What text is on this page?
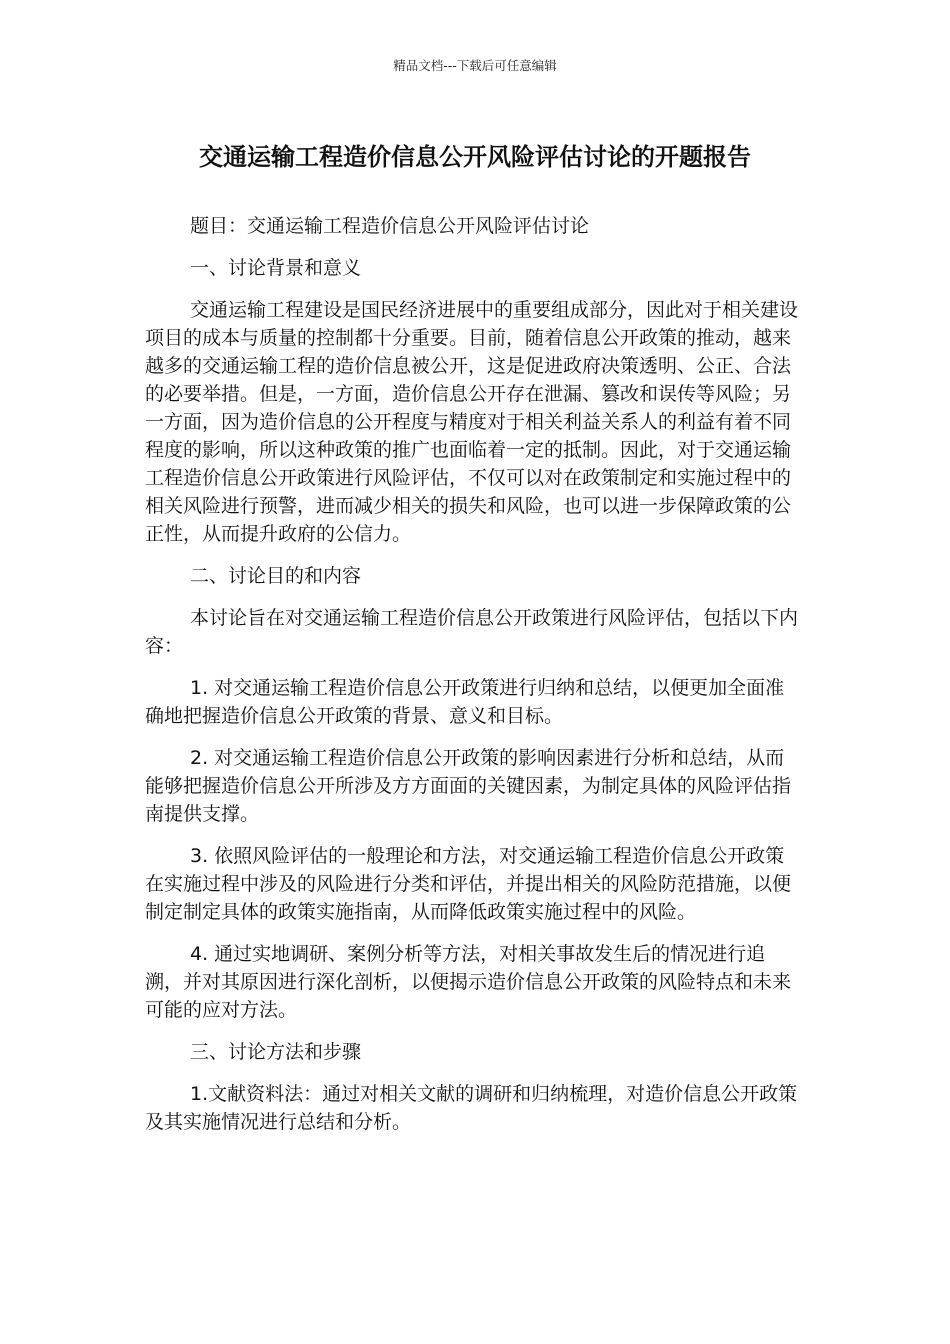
精品文档---下载后可任意编辑
交通运输工程造价信息公开风险评估讨论的开题报告

题目：交通运输工程造价信息公开风险评估讨论

一、讨论背景和意义

交通运输工程建设是国民经济进展中的重要组成部分，因此对于相关建设项目的成本与质量的控制都十分重要。目前，随着信息公开政策的推动，越来越多的交通运输工程的造价信息被公开，这是促进政府决策透明、公正、合法的必要举措。但是，一方面，造价信息公开存在泄漏、篡改和误传等风险；另一方面，因为造价信息的公开程度与精度对于相关利益关系人的利益有着不同程度的影响，所以这种政策的推广也面临着一定的抵制。因此，对于交通运输工程造价信息公开政策进行风险评估，不仅可以对在政策制定和实施过程中的相关风险进行预警，进而减少相关的损失和风险，也可以进一步保障政策的公正性，从而提升政府的公信力。

二、讨论目的和内容

本讨论旨在对交通运输工程造价信息公开政策进行风险评估，包括以下内容：

1. 对交通运输工程造价信息公开政策进行归纳和总结，以便更加全面准确地把握造价信息公开政策的背景、意义和目标。

2. 对交通运输工程造价信息公开政策的影响因素进行分析和总结，从而能够把握造价信息公开所涉及方方面面的关键因素，为制定具体的风险评估指南提供支撑。

3. 依照风险评估的一般理论和方法，对交通运输工程造价信息公开政策在实施过程中涉及的风险进行分类和评估，并提出相关的风险防范措施，以便制定制定具体的政策实施指南，从而降低政策实施过程中的风险。

4. 通过实地调研、案例分析等方法，对相关事故发生后的情况进行追溯，并对其原因进行深化剖析，以便揭示造价信息公开政策的风险特点和未来可能的应对方法。

三、讨论方法和步骤

1.文献资料法：通过对相关文献的调研和归纳梳理，对造价信息公开政策及其实施情况进行总结和分析。
